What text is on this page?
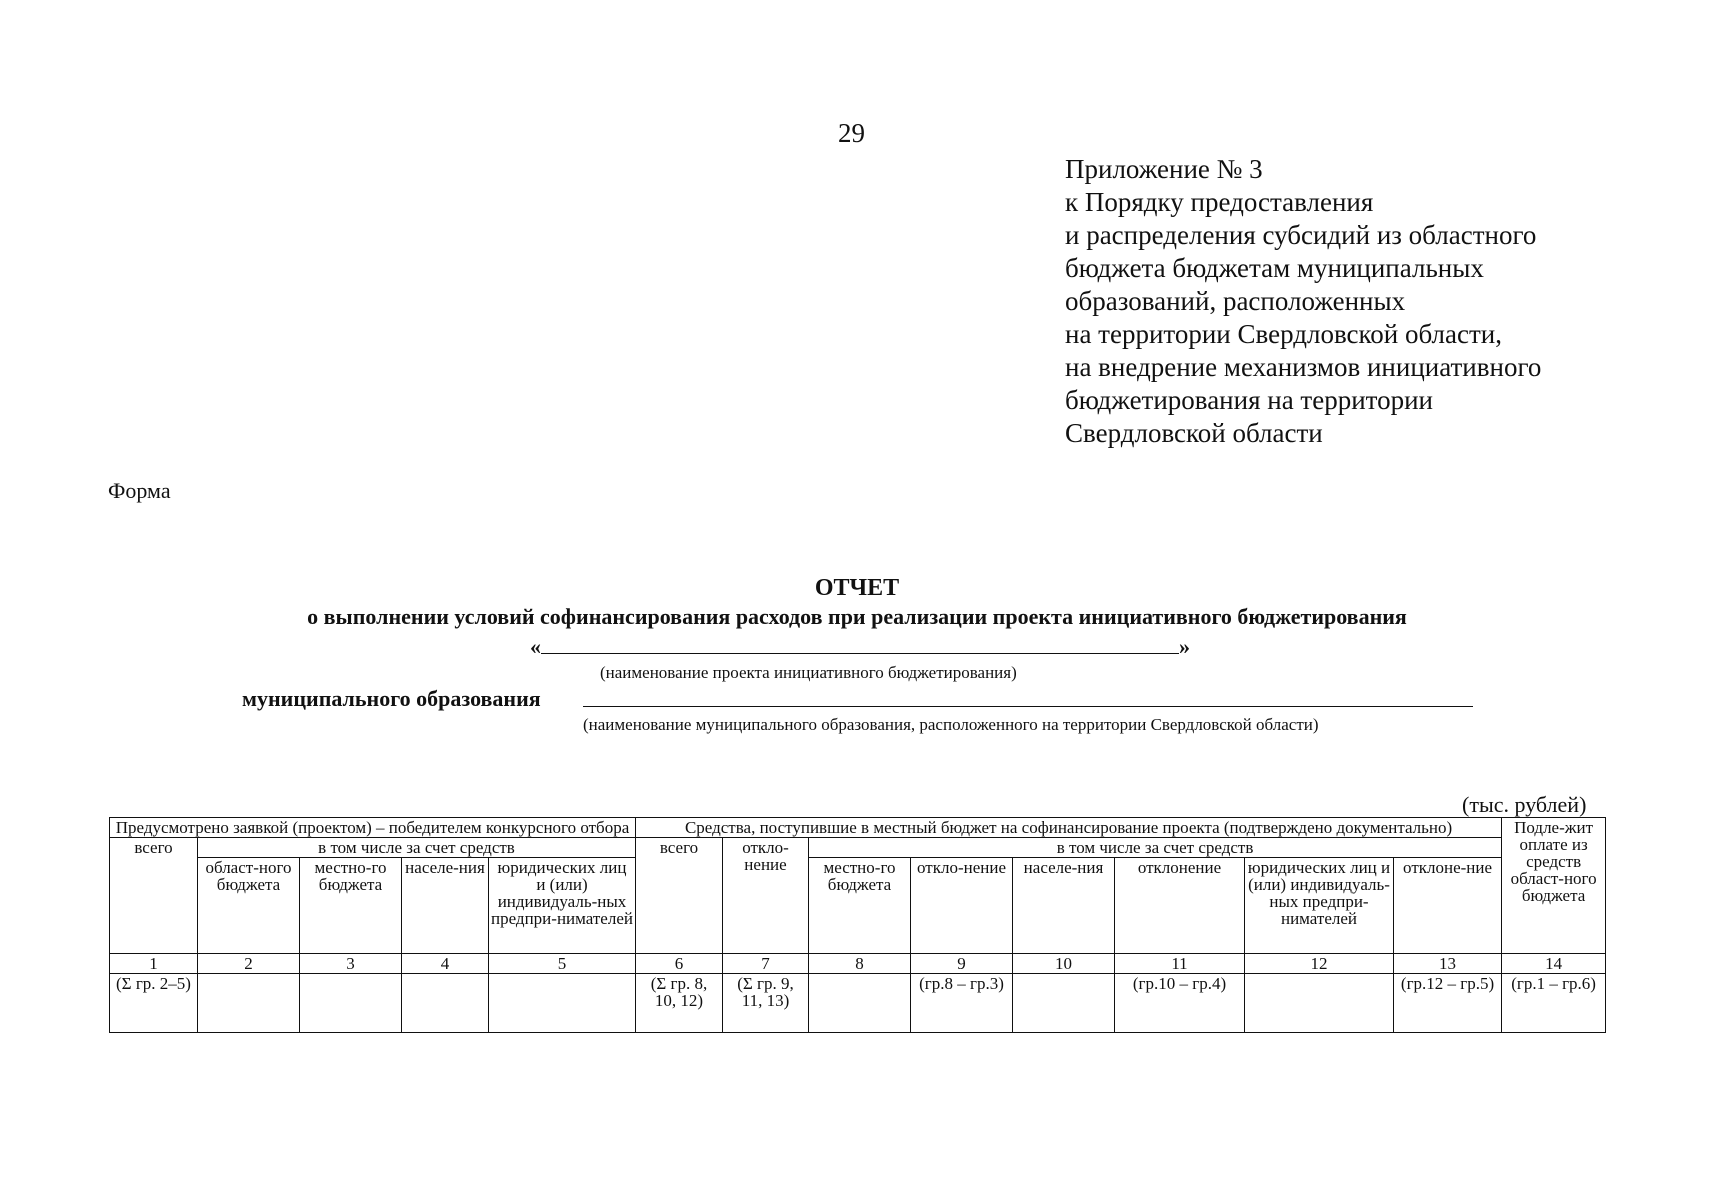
29
Приложение № 3
к Порядку предоставления
и распределения субсидий из областного
бюджета бюджетам муниципальных
образований, расположенных
на территории Свердловской области,
на внедрение механизмов инициативного
бюджетирования на территории
Свердловской области
Форма
ОТЧЕТ
о выполнении условий софинансирования расходов при реализации проекта инициативного бюджетирования
«	»
(наименование проекта инициативного бюджетирования)
муниципального образования
(наименование муниципального образования, расположенного на территории Свердловской области)
(тыс. рублей)
Предусмотрено заявкой (проектом) – победителем конкурсного отбора					Средства, поступившие в местный бюджет на софинансирование проекта (подтверждено документально)								Подле-жит оплате из средств област-ного бюджета
всего	в том числе за счет средств				всего	откло-нение	в том числе за счет средств						
	област-ного бюджета	местно-го бюджета	населе-ния	юридических лиц и (или) индивидуаль-ных предпри-нимателей			местно-го бюджета	откло-нение	населе-ния	отклонение	юридических лиц и (или) индивидуаль-ных предпри-нимателей	отклоне-ние	
1	2	3	4	5	6	7	8	9	10	11	12	13	14
(Σ гр. 2–5)					(Σ гр. 8, 10, 12)	(Σ гр. 9, 11, 13)		(гр.8 – гр.3)		(гр.10 – гр.4)		(гр.12 – гр.5)	(гр.1 – гр.6)
